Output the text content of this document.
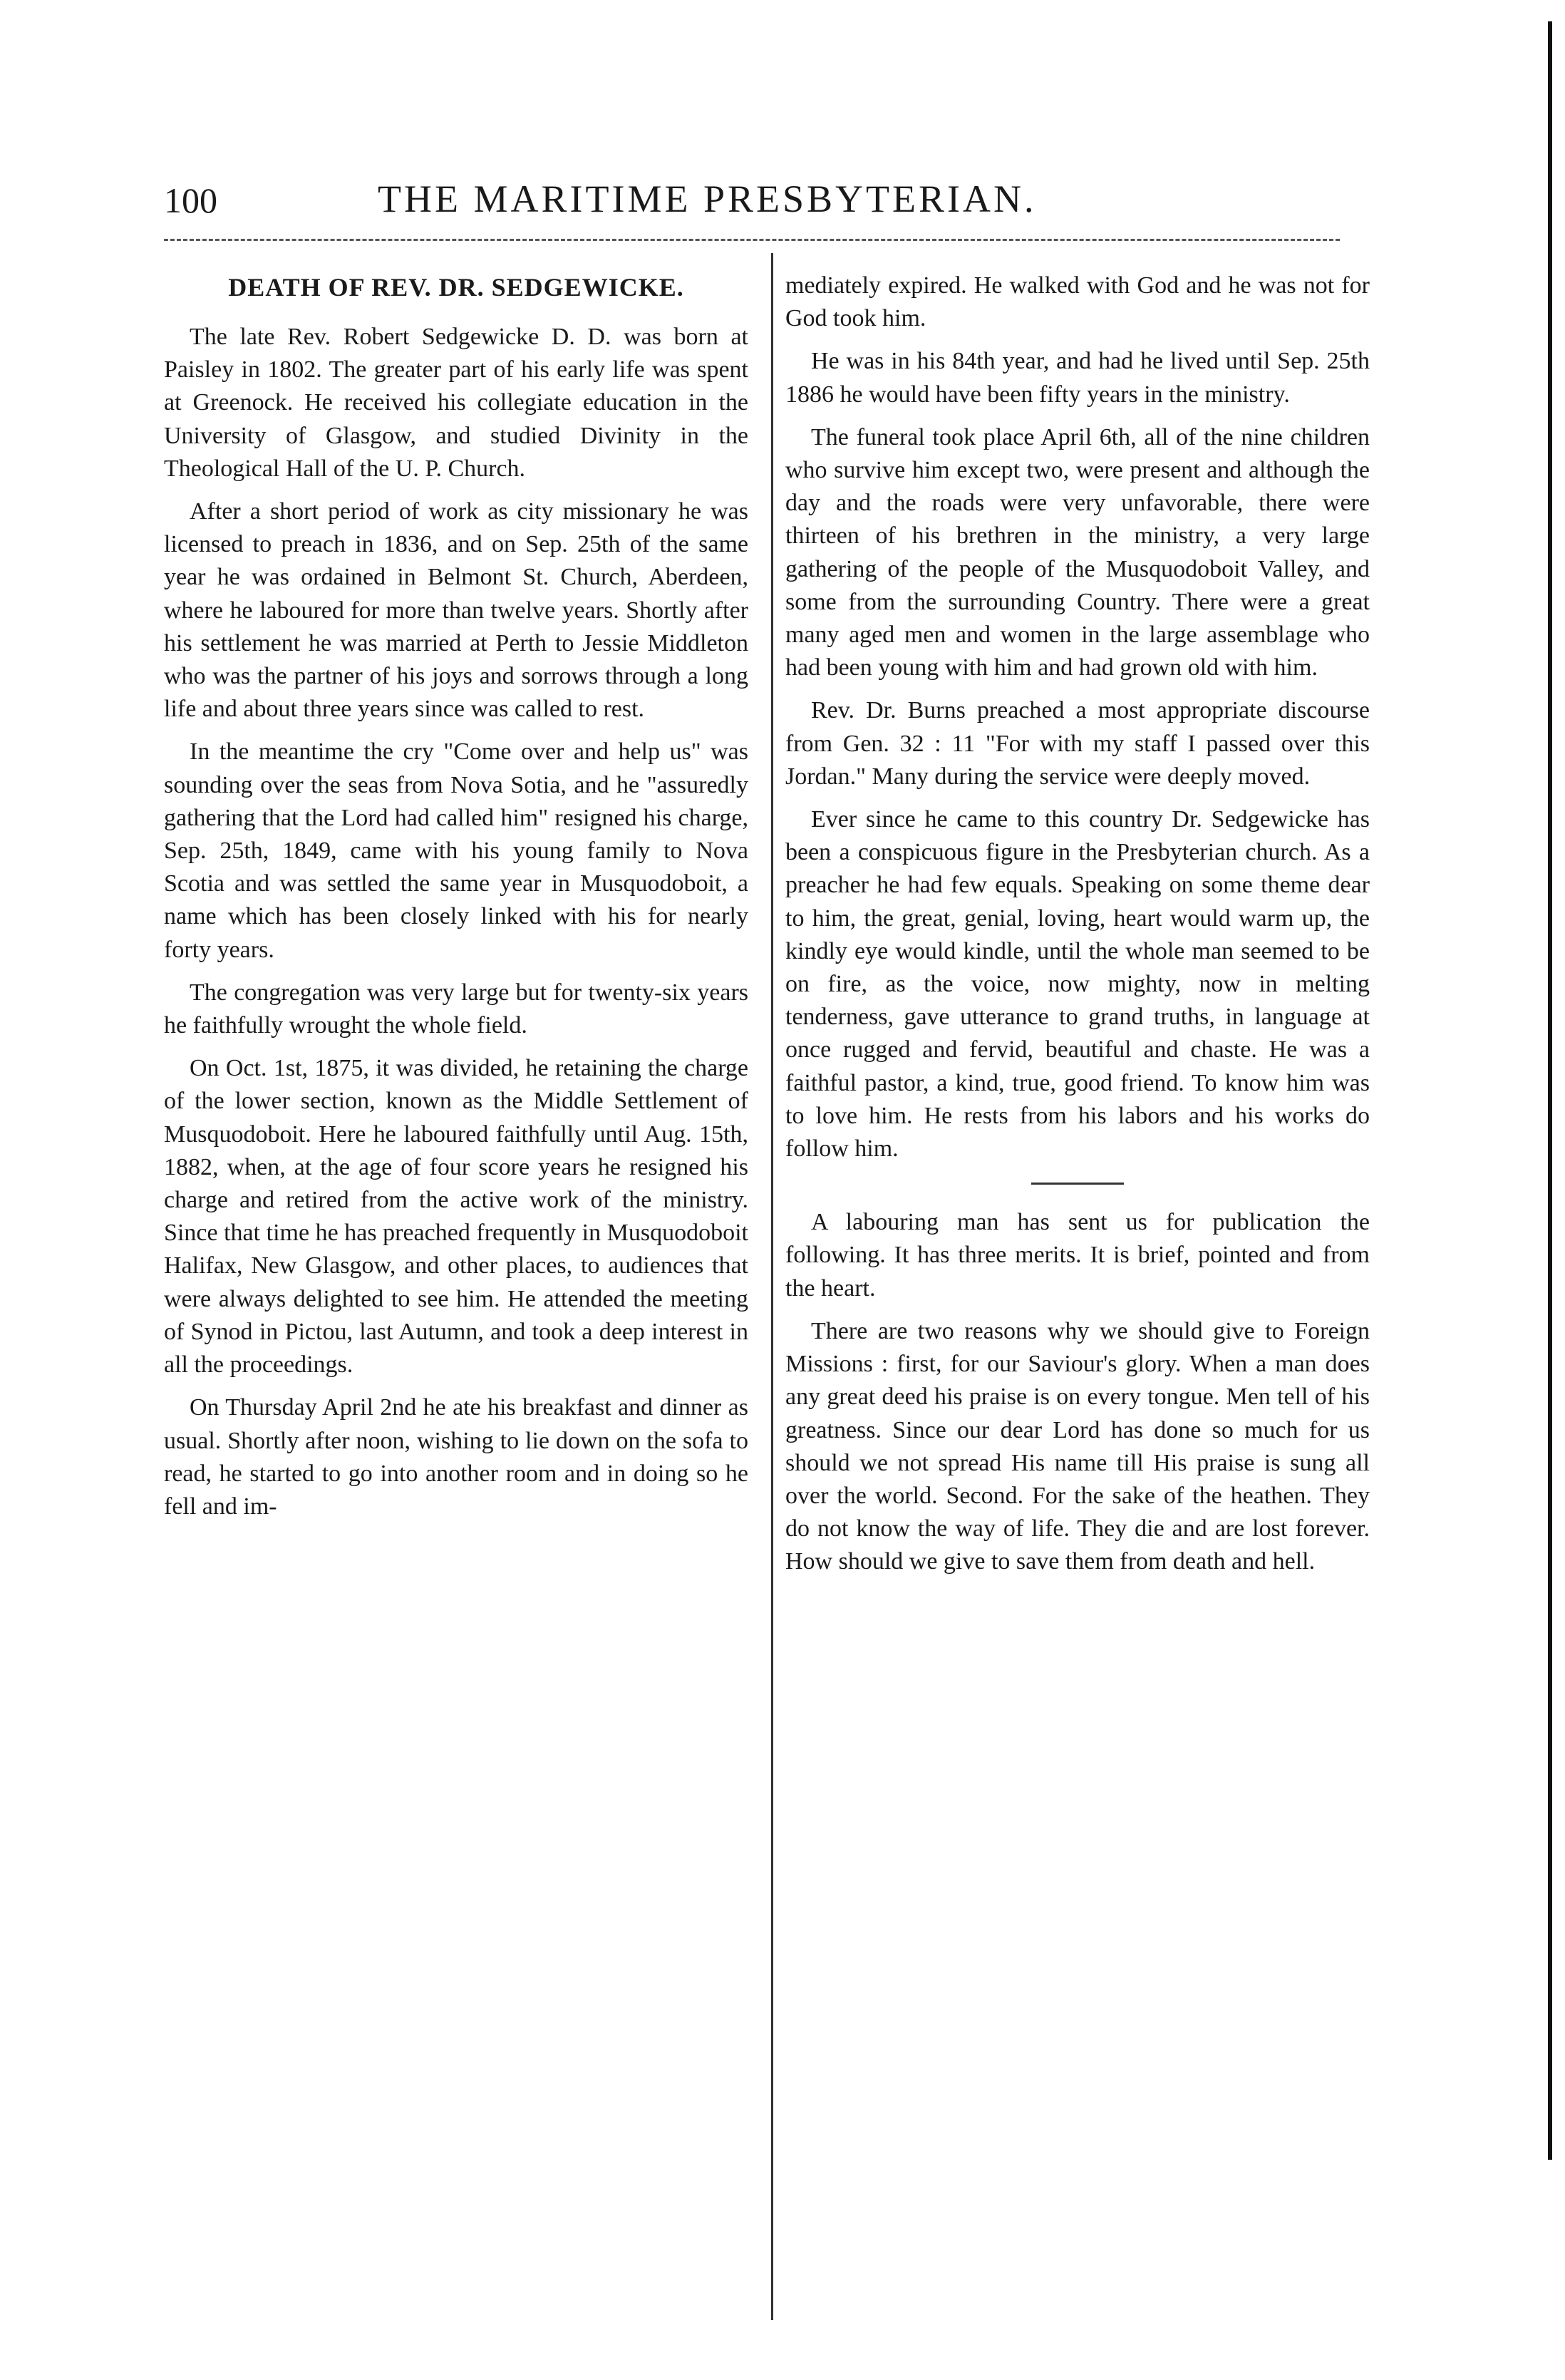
100	THE MARITIME PRESBYTERIAN.
DEATH OF REV. DR. SEDGEWICKE.

The late Rev. Robert Sedgewicke D. D. was born at Paisley in 1802. The greater part of his early life was spent at Greenock. He received his collegiate education in the University of Glasgow, and studied Divinity in the Theological Hall of the U. P. Church.

After a short period of work as city missionary he was licensed to preach in 1836, and on Sep. 25th of the same year he was ordained in Belmont St. Church, Aberdeen, where he laboured for more than twelve years. Shortly after his settlement he was married at Perth to Jessie Middleton who was the partner of his joys and sorrows through a long life and about three years since was called to rest.

In the meantime the cry "Come over and help us" was sounding over the seas from Nova Sotia, and he "assuredly gathering that the Lord had called him" resigned his charge, Sep. 25th, 1849, came with his young family to Nova Scotia and was settled the same year in Musquodoboit, a name which has been closely linked with his for nearly forty years.

The congregation was very large but for twenty-six years he faithfully wrought the whole field.

On Oct. 1st, 1875, it was divided, he retaining the charge of the lower section, known as the Middle Settlement of Musquodoboit. Here he laboured faithfully until Aug. 15th, 1882, when, at the age of four score years he resigned his charge and retired from the active work of the ministry. Since that time he has preached frequently in Musquodoboit Halifax, New Glasgow, and other places, to audiences that were always delighted to see him. He attended the meeting of Synod in Pictou, last Autumn, and took a deep interest in all the proceedings.

On Thursday April 2nd he ate his breakfast and dinner as usual. Shortly after noon, wishing to lie down on the sofa to read, he started to go into another room and in doing so he fell and im-

mediately expired. He walked with God and he was not for God took him.

He was in his 84th year, and had he lived until Sep. 25th 1886 he would have been fifty years in the ministry.

The funeral took place April 6th, all of the nine children who survive him except two, were present and although the day and the roads were very unfavorable, there were thirteen of his brethren in the ministry, a very large gathering of the people of the Musquodoboit Valley, and some from the surrounding Country. There were a great many aged men and women in the large assemblage who had been young with him and had grown old with him.

Rev. Dr. Burns preached a most appropriate discourse from Gen. 32 : 11 "For with my staff I passed over this Jordan." Many during the service were deeply moved.

Ever since he came to this country Dr. Sedgewicke has been a conspicuous figure in the Presbyterian church. As a preacher he had few equals. Speaking on some theme dear to him, the great, genial, loving, heart would warm up, the kindly eye would kindle, until the whole man seemed to be on fire, as the voice, now mighty, now in melting tenderness, gave utterance to grand truths, in language at once rugged and fervid, beautiful and chaste. He was a faithful pastor, a kind, true, good friend. To know him was to love him. He rests from his labors and his works do follow him.

A labouring man has sent us for publication the following. It has three merits. It is brief, pointed and from the heart.

There are two reasons why we should give to Foreign Missions : first, for our Saviour's glory. When a man does any great deed his praise is on every tongue. Men tell of his greatness. Since our dear Lord has done so much for us should we not spread His name till His praise is sung all over the world. Second. For the sake of the heathen. They do not know the way of life. They die and are lost forever. How should we give to save them from death and hell.
